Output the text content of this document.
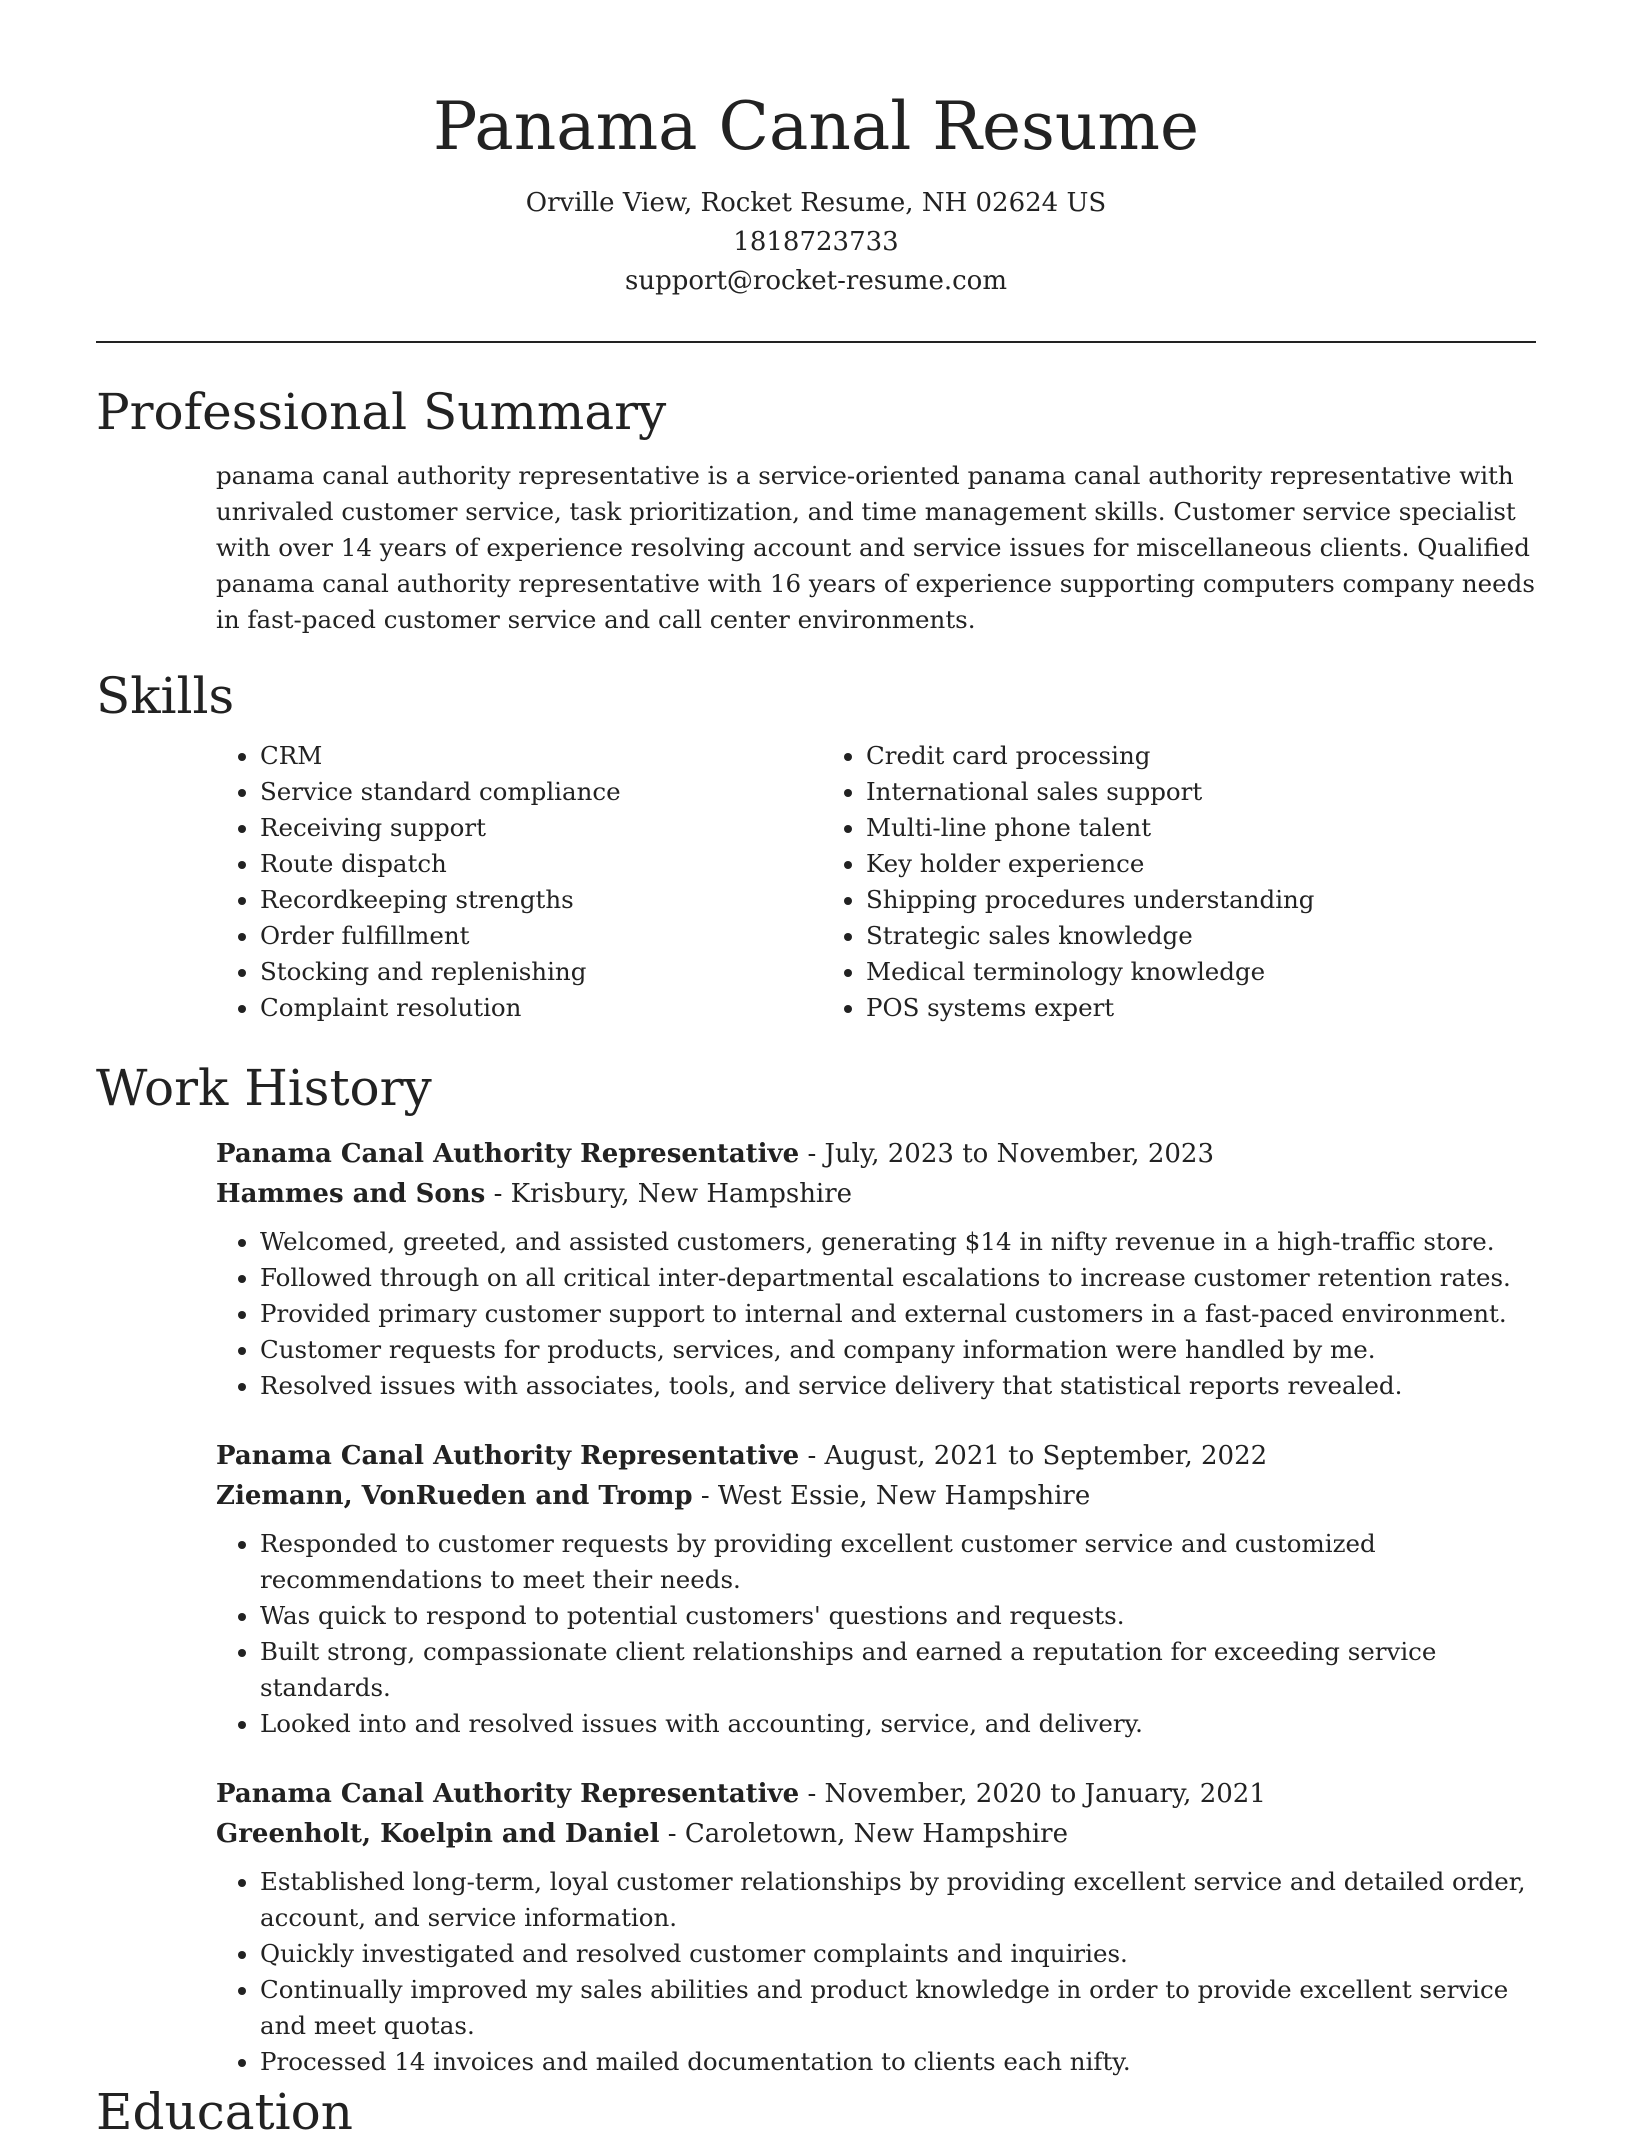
Panama Canal Resume
Orville View, Rocket Resume, NH 02624 US
1818723733
support@rocket-resume.com
Professional Summary
panama canal authority representative is a service-oriented panama canal authority representative with unrivaled customer service, task prioritization, and time management skills. Customer service specialist with over 14 years of experience resolving account and service issues for miscellaneous clients. Qualified panama canal authority representative with 16 years of experience supporting computers company needs in fast-paced customer service and call center environments.
Skills
• CRM
• Service standard compliance
• Receiving support
• Route dispatch
• Recordkeeping strengths
• Order fulfillment
• Stocking and replenishing
• Complaint resolution
• Credit card processing
• International sales support
• Multi-line phone talent
• Key holder experience
• Shipping procedures understanding
• Strategic sales knowledge
• Medical terminology knowledge
• POS systems expert
Work History
Panama Canal Authority Representative - July, 2023 to November, 2023
Hammes and Sons - Krisbury, New Hampshire
• Welcomed, greeted, and assisted customers, generating $14 in nifty revenue in a high-traffic store.
• Followed through on all critical inter-departmental escalations to increase customer retention rates.
• Provided primary customer support to internal and external customers in a fast-paced environment.
• Customer requests for products, services, and company information were handled by me.
• Resolved issues with associates, tools, and service delivery that statistical reports revealed.
Panama Canal Authority Representative - August, 2021 to September, 2022
Ziemann, VonRueden and Tromp - West Essie, New Hampshire
• Responded to customer requests by providing excellent customer service and customized recommendations to meet their needs.
• Was quick to respond to potential customers' questions and requests.
• Built strong, compassionate client relationships and earned a reputation for exceeding service standards.
• Looked into and resolved issues with accounting, service, and delivery.
Panama Canal Authority Representative - November, 2020 to January, 2021
Greenholt, Koelpin and Daniel - Caroletown, New Hampshire
• Established long-term, loyal customer relationships by providing excellent service and detailed order, account, and service information.
• Quickly investigated and resolved customer complaints and inquiries.
• Continually improved my sales abilities and product knowledge in order to provide excellent service and meet quotas.
• Processed 14 invoices and mailed documentation to clients each nifty.
Education
